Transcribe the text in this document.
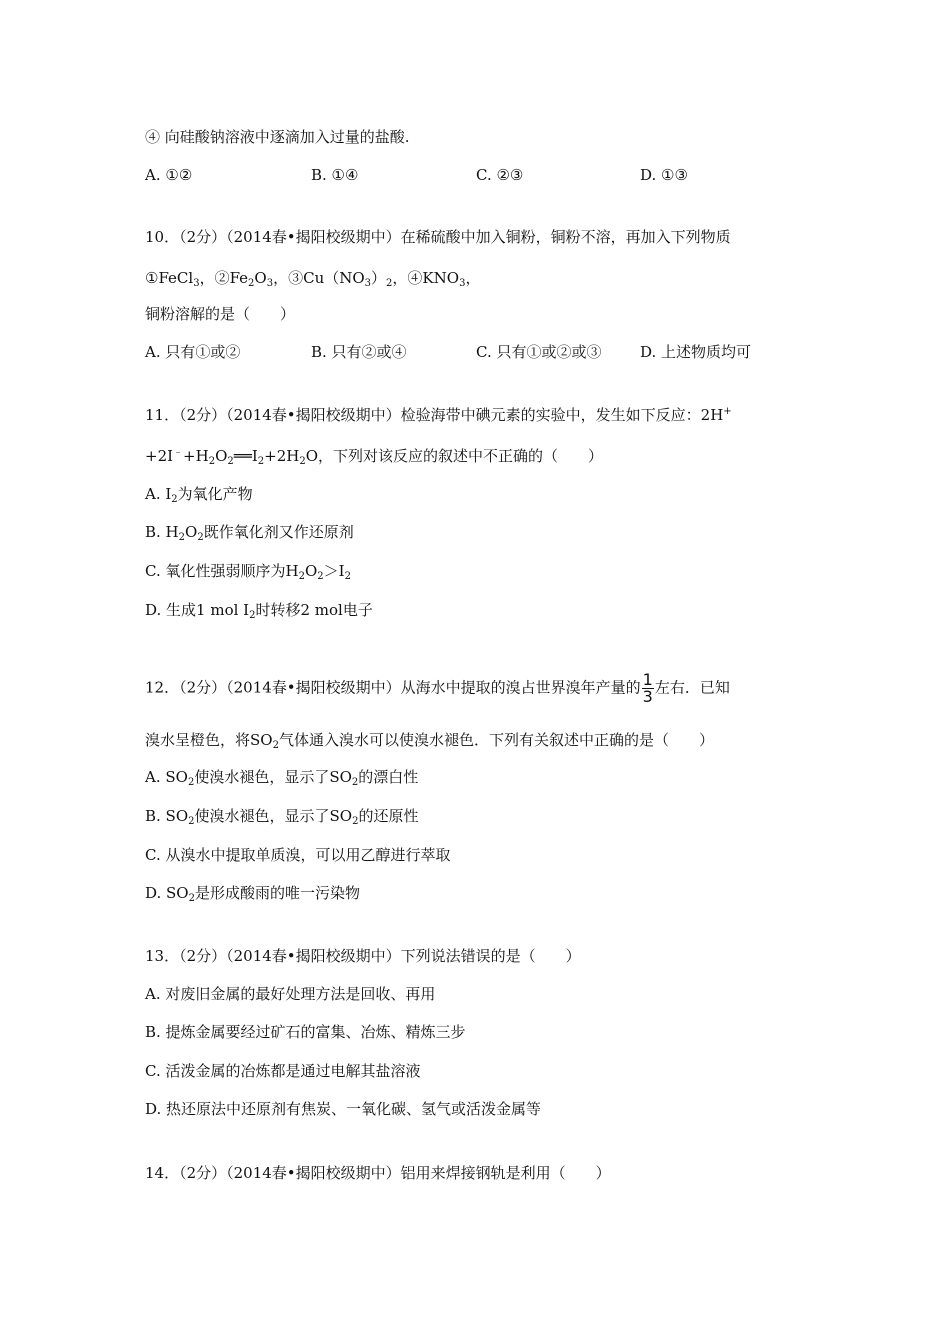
④ 向硅酸钠溶液中逐滴加入过量的盐酸.
A. ①②	B. ①④	C. ②③	D. ①③
10．（2分）（2014春•揭阳校级期中）在稀硫酸中加入铜粉，铜粉不溶，再加入下列物质
①FeCl$_3$，$②Fe_2O_3$，$③Cu(NO_3)_2$，$④KNO_3$，
铜粉溶解的是（　　）
A. 只有①或②	B. 只有②或④	C. 只有①或②或③	D. 上述物质均可
11．（2分）（2014春•揭阳校级期中）检验海带中碘元素的实验中，发生如下反应：2H+
$+2I^﹣+H_2O_2══I_2+2H_2O$，下列对该反应的叙述中不正确的（　　）
A. $I_2$为氧化产物
B. $H_2O_2$既作氧化剂又作还原剂
C. 氧化性强弱顺序为$H_2O_2>I_2$
D. 生成1 mol $I_2$时转移2 mol电子
12．（2分）（2014春•揭阳校级期中）从海水中提取的溴占世界溴年产量的 $\frac{1}{3}$ 左右．已知
溴水呈橙色，将$SO_2$气体通入溴水可以使溴水褪色．下列有关叙述中正确的是（　　）
A. $SO_2$使溴水褪色，显示了$SO_2$的漂白性
B. $SO_2$使溴水褪色，显示了$SO_2$的还原性
C. 从溴水中提取单质溴，可以用乙醇进行萃取
D. $SO_2$是形成酸雨的唯一污染物
13．（2分）（2014春•揭阳校级期中）下列说法错误的是（　　）
A. 对废旧金属的最好处理方法是回收、再用
B. 提炼金属要经过矿石的富集、冶炼、精炼三步
C. 活泼金属的冶炼都是通过电解其盐溶液
D. 热还原法中还原剂有焦炭、一氧化碳、氢气或活泼金属等
14．（2分）（2014春•揭阳校级期中）铝用来焊接钢轨是利用（　　）
